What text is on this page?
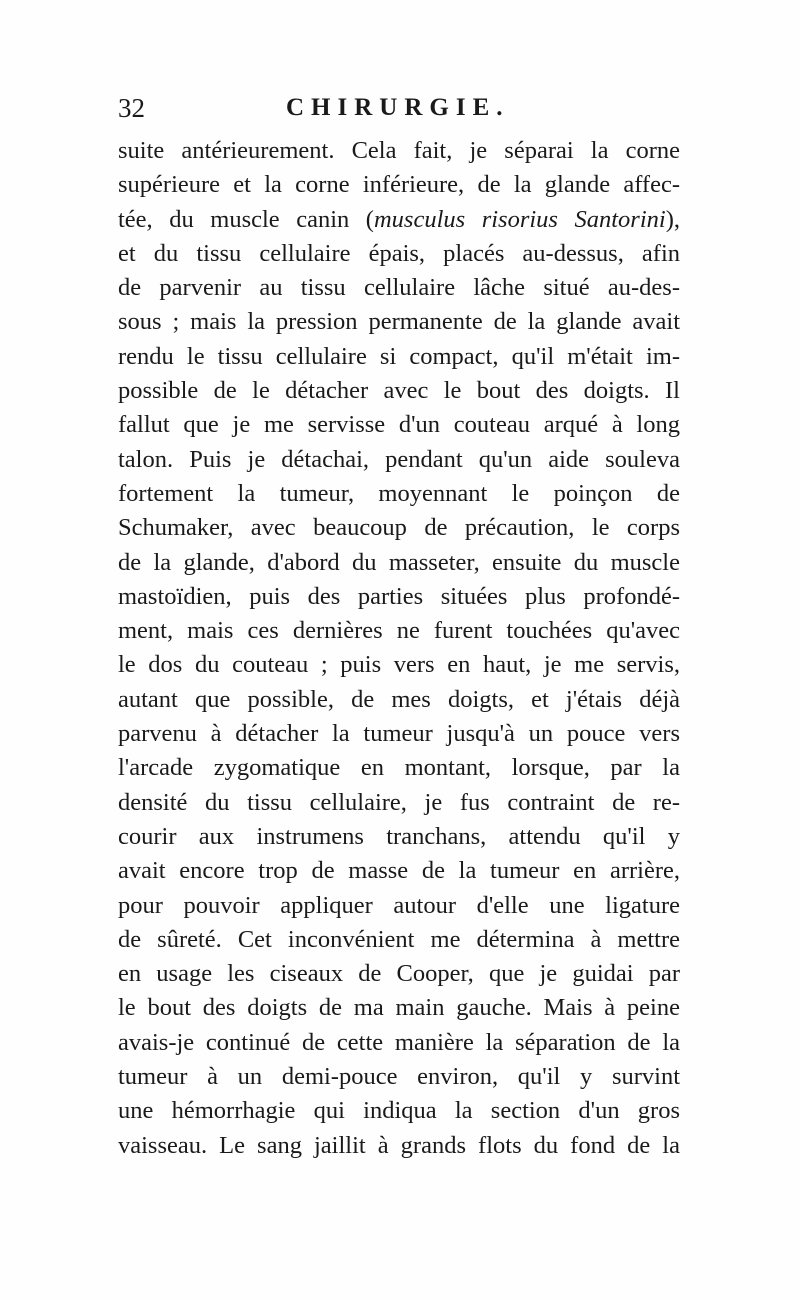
32	CHIRURGIE.
suite antérieurement. Cela fait, je séparai la corne
supérieure et la corne inférieure, de la glande affec-
tée, du muscle canin (musculus risorius Santorini),
et du tissu cellulaire épais, placés au-dessus, afin
de parvenir au tissu cellulaire lâche situé au-des-
sous ; mais la pression permanente de la glande avait
rendu le tissu cellulaire si compact, qu'il m'était im-
possible de le détacher avec le bout des doigts. Il
fallut que je me servisse d'un couteau arqué à long
talon. Puis je détachai, pendant qu'un aide souleva
fortement la tumeur, moyennant le poinçon de
Schumaker, avec beaucoup de précaution, le corps
de la glande, d'abord du masseter, ensuite du muscle
mastoïdien, puis des parties situées plus profondé-
ment, mais ces dernières ne furent touchées qu'avec
le dos du couteau ; puis vers en haut, je me servis,
autant que possible, de mes doigts, et j'étais déjà
parvenu à détacher la tumeur jusqu'à un pouce vers
l'arcade zygomatique en montant, lorsque, par la
densité du tissu cellulaire, je fus contraint de re-
courir aux instrumens tranchans, attendu qu'il y
avait encore trop de masse de la tumeur en arrière,
pour pouvoir appliquer autour d'elle une ligature
de sûreté. Cet inconvénient me détermina à mettre
en usage les ciseaux de Cooper, que je guidai par
le bout des doigts de ma main gauche. Mais à peine
avais-je continué de cette manière la séparation de la
tumeur à un demi-pouce environ, qu'il y survint
une hémorrhagie qui indiqua la section d'un gros
vaisseau. Le sang jaillit à grands flots du fond de la
